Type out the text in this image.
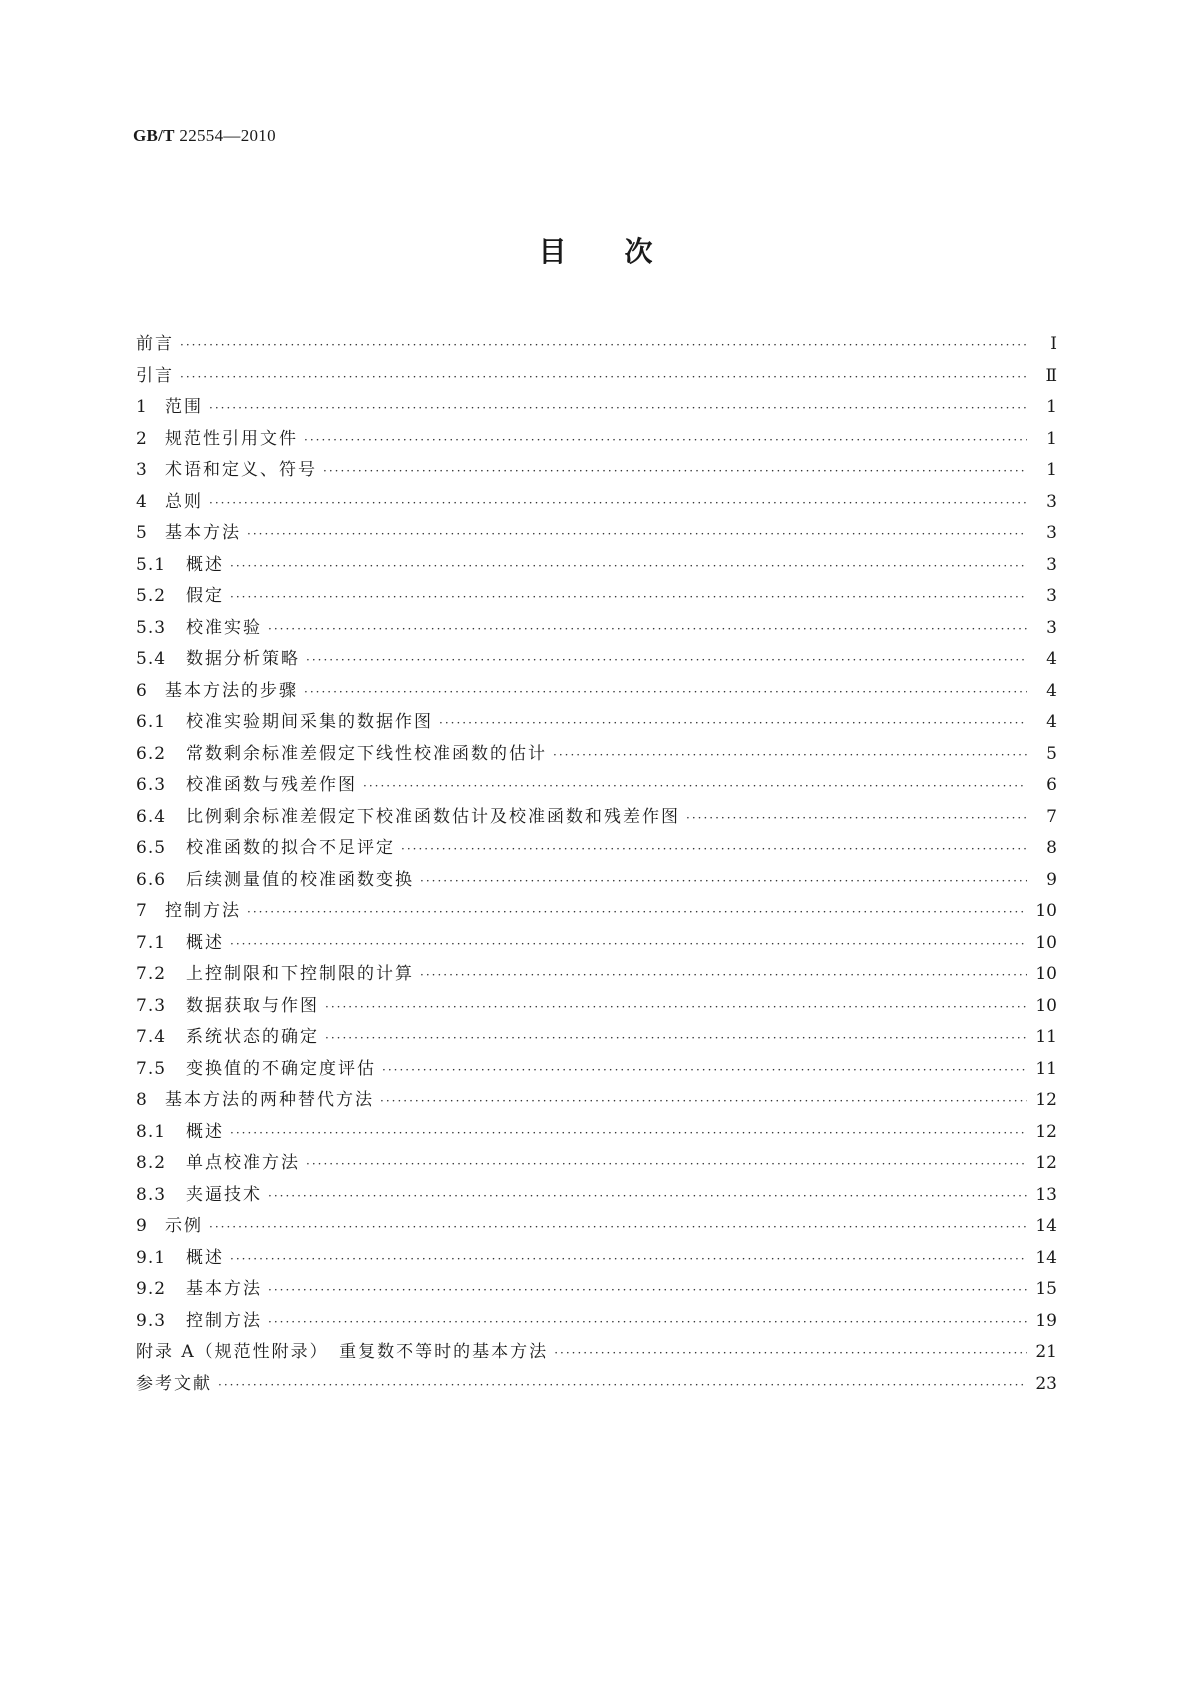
GB/T 22554—2010
目次
前言 ·····	Ⅰ
引言 ·····	Ⅱ
1 范围 ·····	1
2 规范性引用文件 ·····	1
3 术语和定义、符号 ·····	1
4 总则 ·····	3
5 基本方法 ·····	3
5.1	概述 ·····	3
5.2	假定 ·····	3
5.3	校准实验 ·····	3
5.4	数据分析策略 ·····	4
6 基本方法的步骤 ·····	4
6.1	校准实验期间采集的数据作图 ·····	4
6.2	常数剩余标准差假定下线性校准函数的估计 ·····	5
6.3	校准函数与残差作图 ·····	6
6.4	比例剩余标准差假定下校准函数估计及校准函数和残差作图 ·····	7
6.5	校准函数的拟合不足评定 ·····	8
6.6	后续测量值的校准函数变换 ·····	9
7 控制方法 ·····	10
7.1	概述 ·····	10
7.2	上控制限和下控制限的计算 ·····	10
7.3	数据获取与作图 ·····	10
7.4	系统状态的确定 ·····	11
7.5	变换值的不确定度评估 ·····	11
8 基本方法的两种替代方法 ·····	12
8.1	概述 ·····	12
8.2	单点校准方法 ·····	12
8.3	夹逼技术 ·····	13
9 示例 ·····	14
9.1	概述 ·····	14
9.2	基本方法 ·····	15
9.3	控制方法 ·····	19
附录 A（规范性附录）　重复数不等时的基本方法 ·····	21
参考文献 ·····	23
